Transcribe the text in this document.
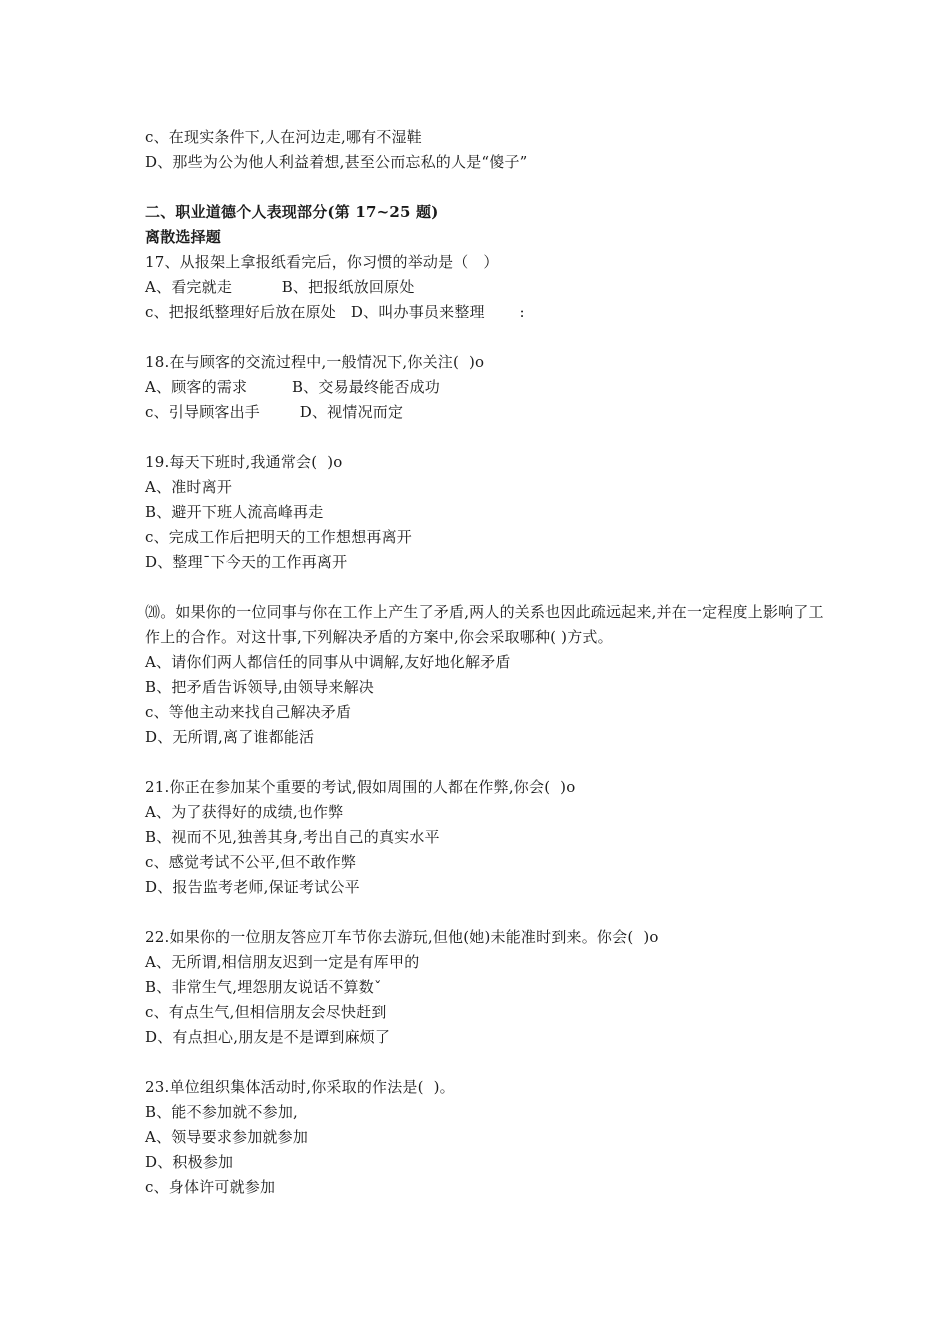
c、在现实条件下,人在河边走,哪有不湿鞋
D、那些为公为他人利益着想,甚至公而忘私的人是“傻子”
二、职业道德个人表现部分(第 17~25 题)
离散选择题
17、从报架上拿报纸看完后，你习惯的举动是（   ）
A、看完就走          B、把报纸放回原处
c、把报纸整理好后放在原处   D、叫办事员来整理       :
18.在与顾客的交流过程中,一般情况下,你关注(  )o
A、顾客的需求         B、交易最终能否成功
c、引导顾客出手        D、视情况而定
19.每天下班时,我通常会(  )o
A、准时离开
B、避开下班人流高峰再走
c、完成工作后把明天的工作想想再离开
D、整理ˉ下今天的工作再离开
⒇。如果你的一位同事与你在工作上产生了矛盾,两人的关系也因此疏远起来,并在一定程度上影响了工作上的合作。对这卄事,下列解决矛盾的方案中,你会采取哪种( )方式。
A、请你们两人都信任的同事从中调解,友好地化解矛盾
B、把矛盾告诉领导,由领导来解决
c、等他主动来找自己解决矛盾
D、无所谓,离了谁都能活
21.你正在参加某个重要的考试,假如周围的人都在作弊,你会(  )o
A、为了获得好的成绩,也作弊
B、视而不见,独善其身,考出自己的真实水平
c、感觉考试不公平,但不敢作弊
D、报告监考老师,保证考试公平
22.如果你的一位朋友答应丌车节你去游玩,但他(她)未能准时到来。你会(  )o
A、无所谓,相信朋友迟到一定是有厍甲的
B、非常生气,埋怨朋友说话不算数ˇ
c、有点生气,但相信朋友会尽快赶到
D、有点担心,朋友是不是谭到麻烦了
23.单位组织集体活动时,你采取的作法是(  )。
B、能不参加就不参加,
A、领导要求参加就参加
D、积极参加
c、身体许可就参加
